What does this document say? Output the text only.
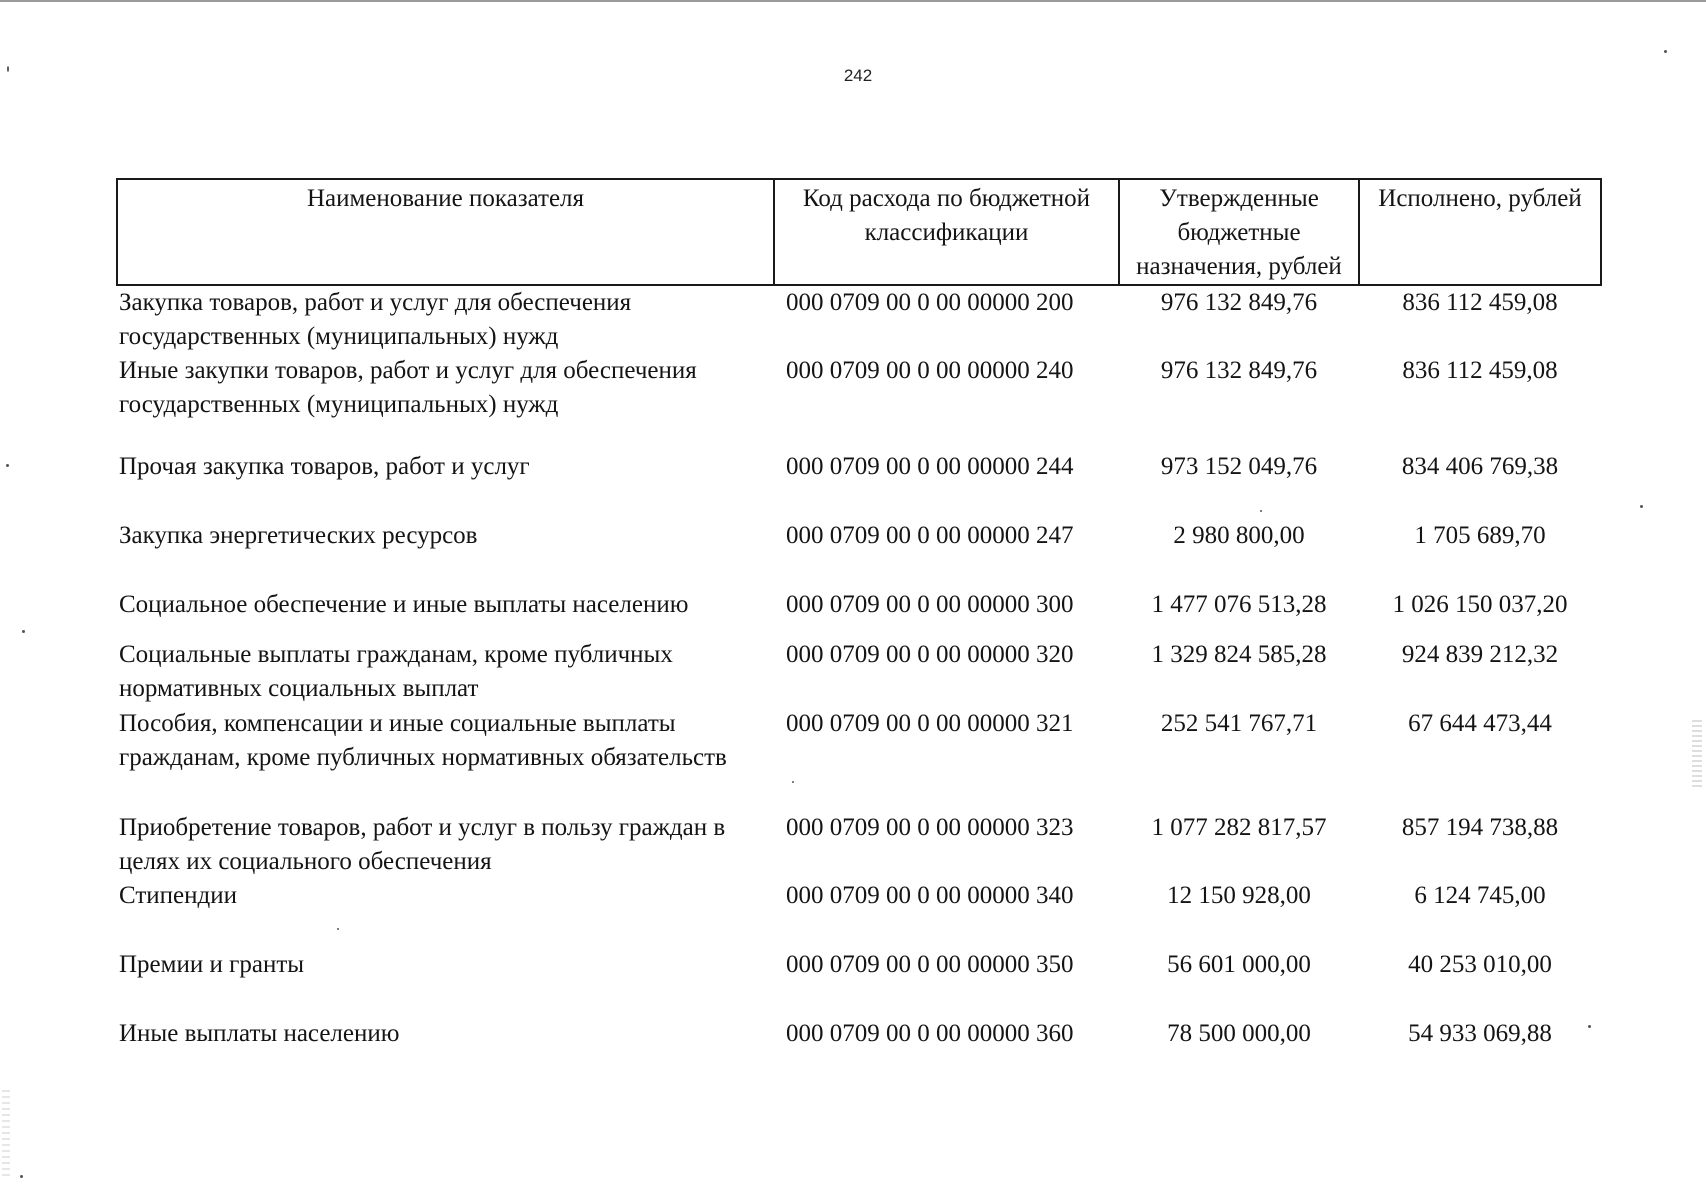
242
Наименование показателя	Код расхода по бюджетной классификации	Утвержденные бюджетные назначения, рублей	Исполнено, рублей
Закупка товаров, работ и услуг для обеспечения государственных (муниципальных) нужд	000 0709 00 0 00 00000 200	976 132 849,76	836 112 459,08
Иные закупки товаров, работ и услуг для обеспечения государственных (муниципальных) нужд	000 0709 00 0 00 00000 240	976 132 849,76	836 112 459,08
Прочая закупка товаров, работ и услуг	000 0709 00 0 00 00000 244	973 152 049,76	834 406 769,38
Закупка энергетических ресурсов	000 0709 00 0 00 00000 247	2 980 800,00	1 705 689,70
Социальное обеспечение и иные выплаты населению	000 0709 00 0 00 00000 300	1 477 076 513,28	1 026 150 037,20
Социальные выплаты гражданам, кроме публичных нормативных социальных выплат	000 0709 00 0 00 00000 320	1 329 824 585,28	924 839 212,32
Пособия, компенсации и иные социальные выплаты гражданам, кроме публичных нормативных обязательств	000 0709 00 0 00 00000 321	252 541 767,71	67 644 473,44
Приобретение товаров, работ и услуг в пользу граждан в целях их социального обеспечения	000 0709 00 0 00 00000 323	1 077 282 817,57	857 194 738,88
Стипендии	000 0709 00 0 00 00000 340	12 150 928,00	6 124 745,00
Премии и гранты	000 0709 00 0 00 00000 350	56 601 000,00	40 253 010,00
Иные выплаты населению	000 0709 00 0 00 00000 360	78 500 000,00	54 933 069,88
